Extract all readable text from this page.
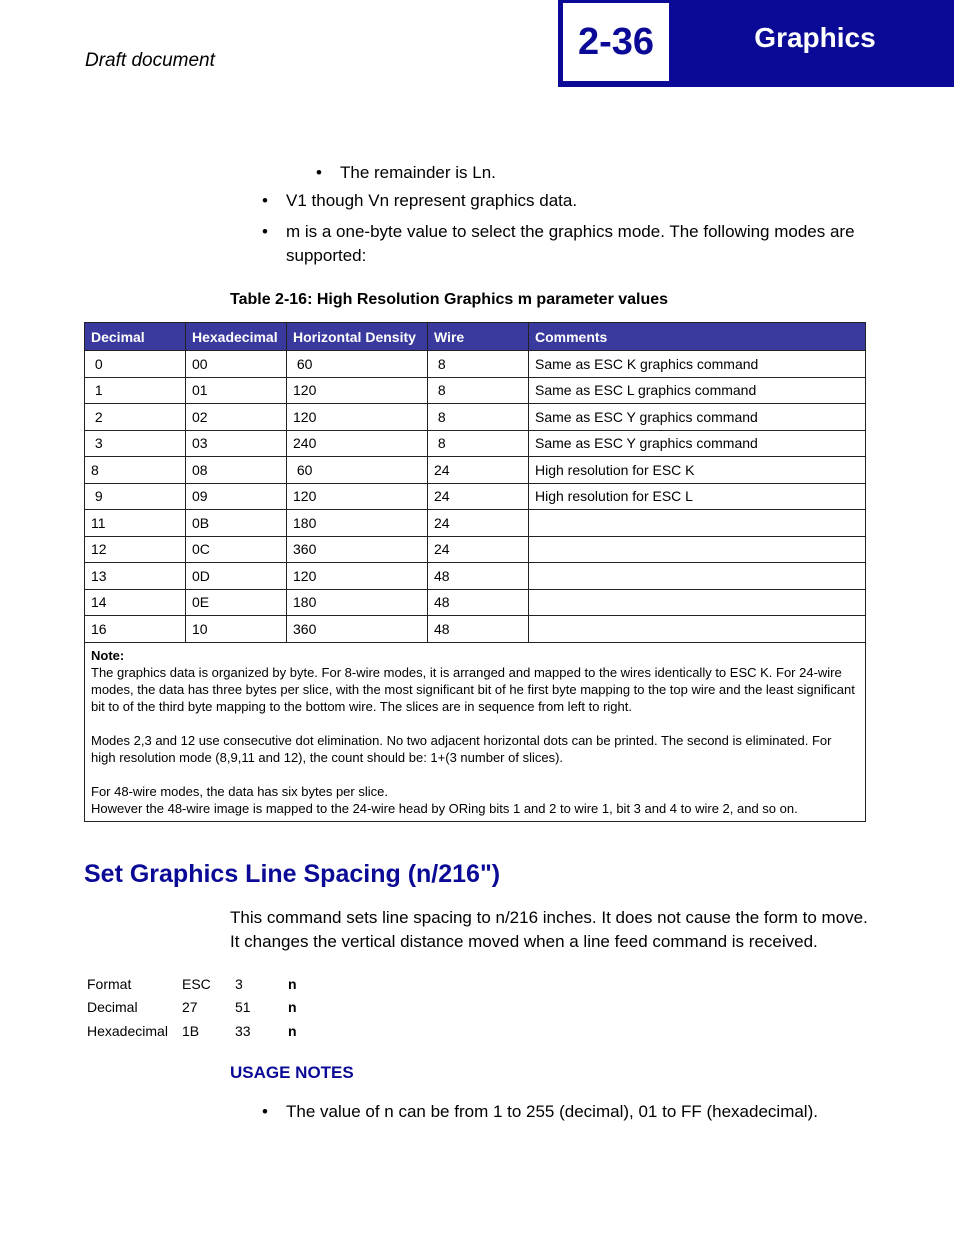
Draft document	2-36	Graphics
• The remainder is Ln.
• V1 though Vn represent graphics data.
• m is a one-byte value to select the graphics mode. The following modes are supported:
Table 2-16: High Resolution Graphics m parameter values
Decimal	Hexadecimal	Horizontal Density	Wire	Comments
0	00	60	8	Same as ESC K graphics command
1	01	120	8	Same as ESC L graphics command
2	02	120	8	Same as ESC Y graphics command
3	03	240	8	Same as ESC Y graphics command
8	08	60	24	High resolution for ESC K
9	09	120	24	High resolution for ESC L
11	0B	180	24	
12	0C	360	24	
13	0D	120	48	
14	0E	180	48	
16	10	360	48	

Note:

The graphics data is organized by byte. For 8-wire modes, it is arranged and mapped to the wires identically to ESC K. For 24-wire modes, the data has three bytes per slice, with the most significant bit of he first byte mapping to the top wire and the least significant bit to of the third byte mapping to the bottom wire. The slices are in sequence from left to right.

Modes 2,3 and 12 use consecutive dot elimination. No two adjacent horizontal dots can be printed. The second is eliminated. For high resolution mode (8,9,11 and 12), the count should be: 1+(3 number of slices).

For 48-wire modes, the data has six bytes per slice.
However the 48-wire image is mapped to the 24-wire head by ORing bits 1 and 2 to wire 1, bit 3 and 4 to wire 2, and so on.				

Set Graphics Line Spacing (n/216")
This command sets line spacing to n/216 inches. It does not cause the form to move. It changes the vertical distance moved when a line feed command is received.
Format	ESC	3	n
Decimal	27	51	n
Hexadecimal	1B	33	n
USAGE NOTES
• The value of n can be from 1 to 255 (decimal), 01 to FF (hexadecimal).
